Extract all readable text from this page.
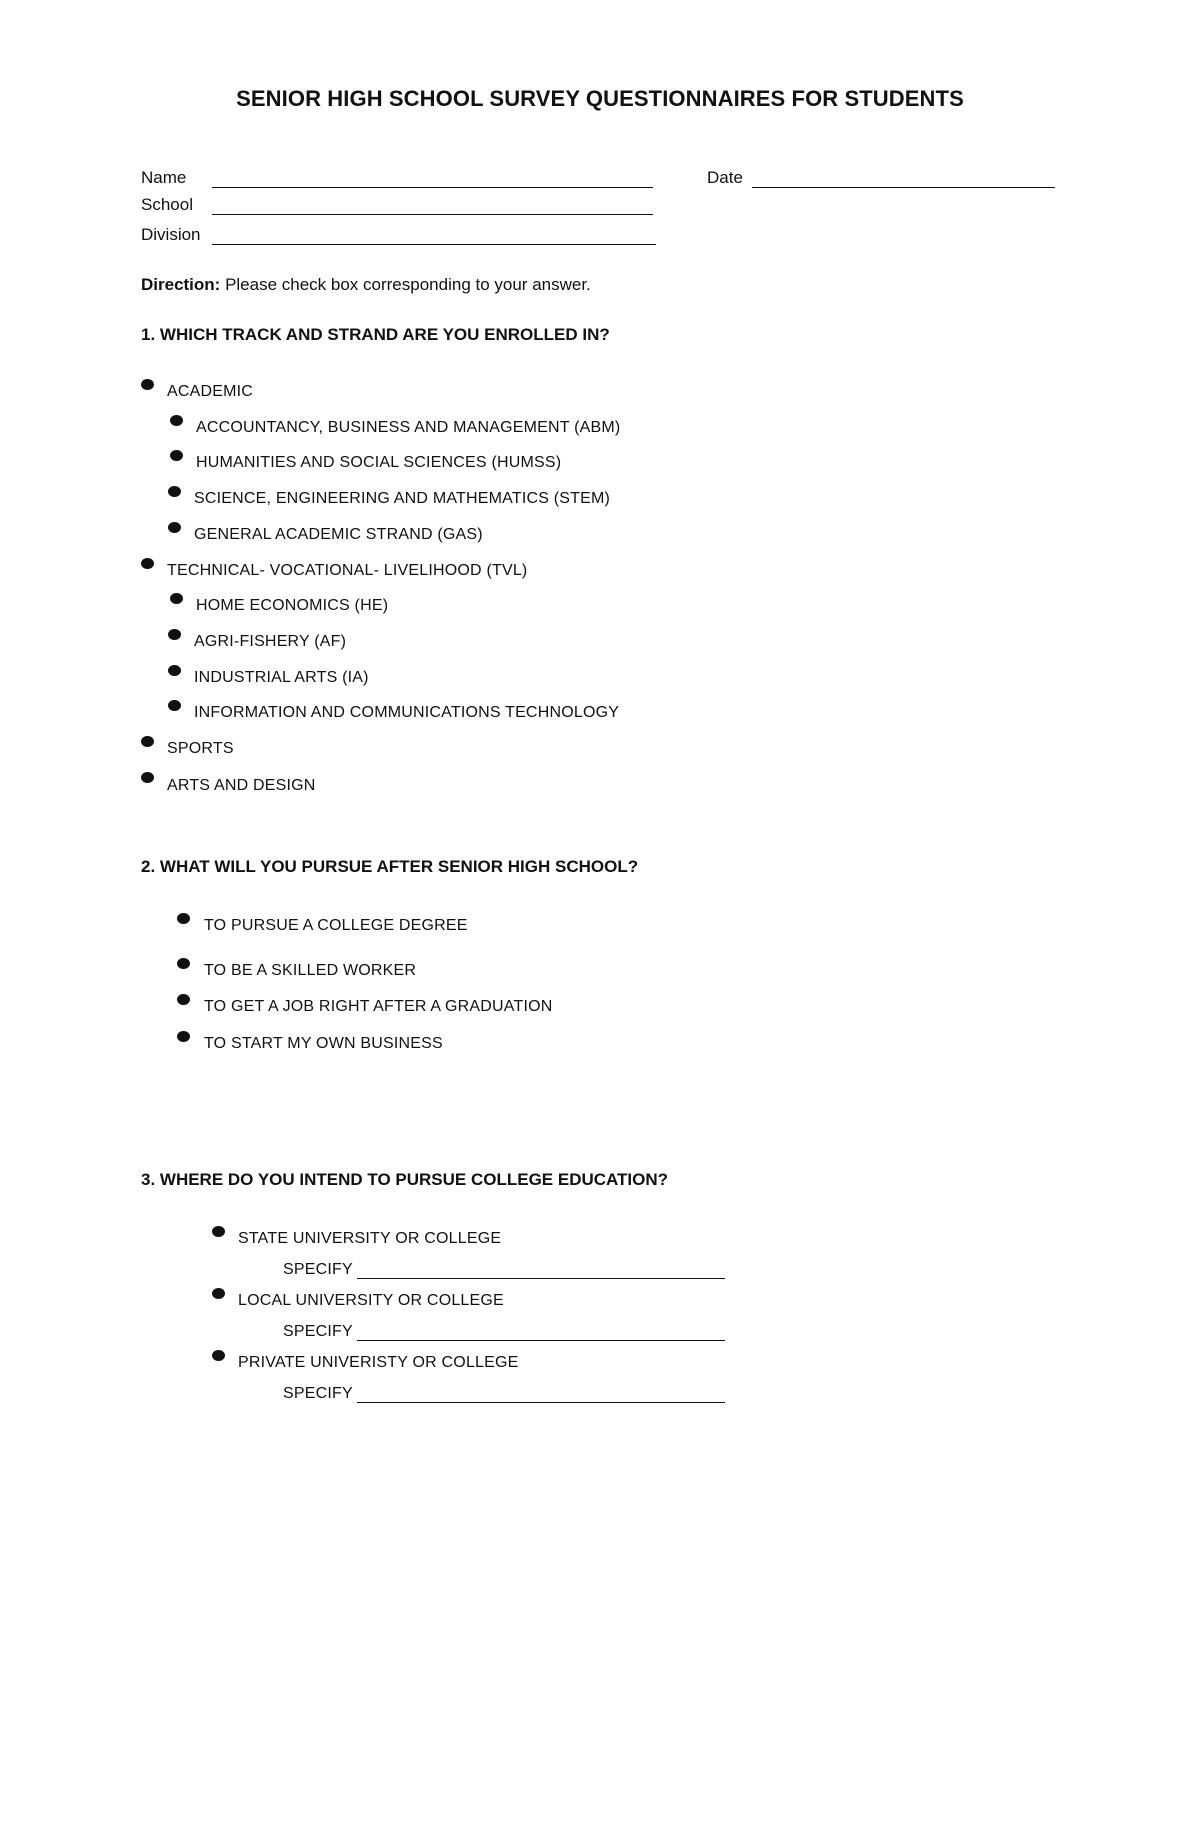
SENIOR HIGH SCHOOL SURVEY QUESTIONNAIRES FOR STUDENTS
Name	Date
School
Division
Direction: Please check box corresponding to your answer.
1. WHICH TRACK AND STRAND ARE YOU ENROLLED IN?
ACADEMIC
ACCOUNTANCY, BUSINESS AND MANAGEMENT (ABM)
HUMANITIES AND SOCIAL SCIENCES (HUMSS)
SCIENCE, ENGINEERING AND MATHEMATICS (STEM)
GENERAL ACADEMIC STRAND (GAS)
TECHNICAL- VOCATIONAL- LIVELIHOOD (TVL)
HOME ECONOMICS (HE)
AGRI-FISHERY (AF)
INDUSTRIAL ARTS (IA)
INFORMATION AND COMMUNICATIONS TECHNOLOGY
SPORTS
ARTS AND DESIGN
2. WHAT WILL YOU PURSUE AFTER SENIOR HIGH SCHOOL?
TO PURSUE A COLLEGE DEGREE
TO BE A SKILLED WORKER
TO GET A JOB RIGHT AFTER A GRADUATION
TO START MY OWN BUSINESS
3. WHERE DO YOU INTEND TO PURSUE COLLEGE EDUCATION?
STATE UNIVERSITY OR COLLEGE
SPECIFY
LOCAL UNIVERSITY OR COLLEGE
SPECIFY
PRIVATE UNIVERISTY OR COLLEGE
SPECIFY
